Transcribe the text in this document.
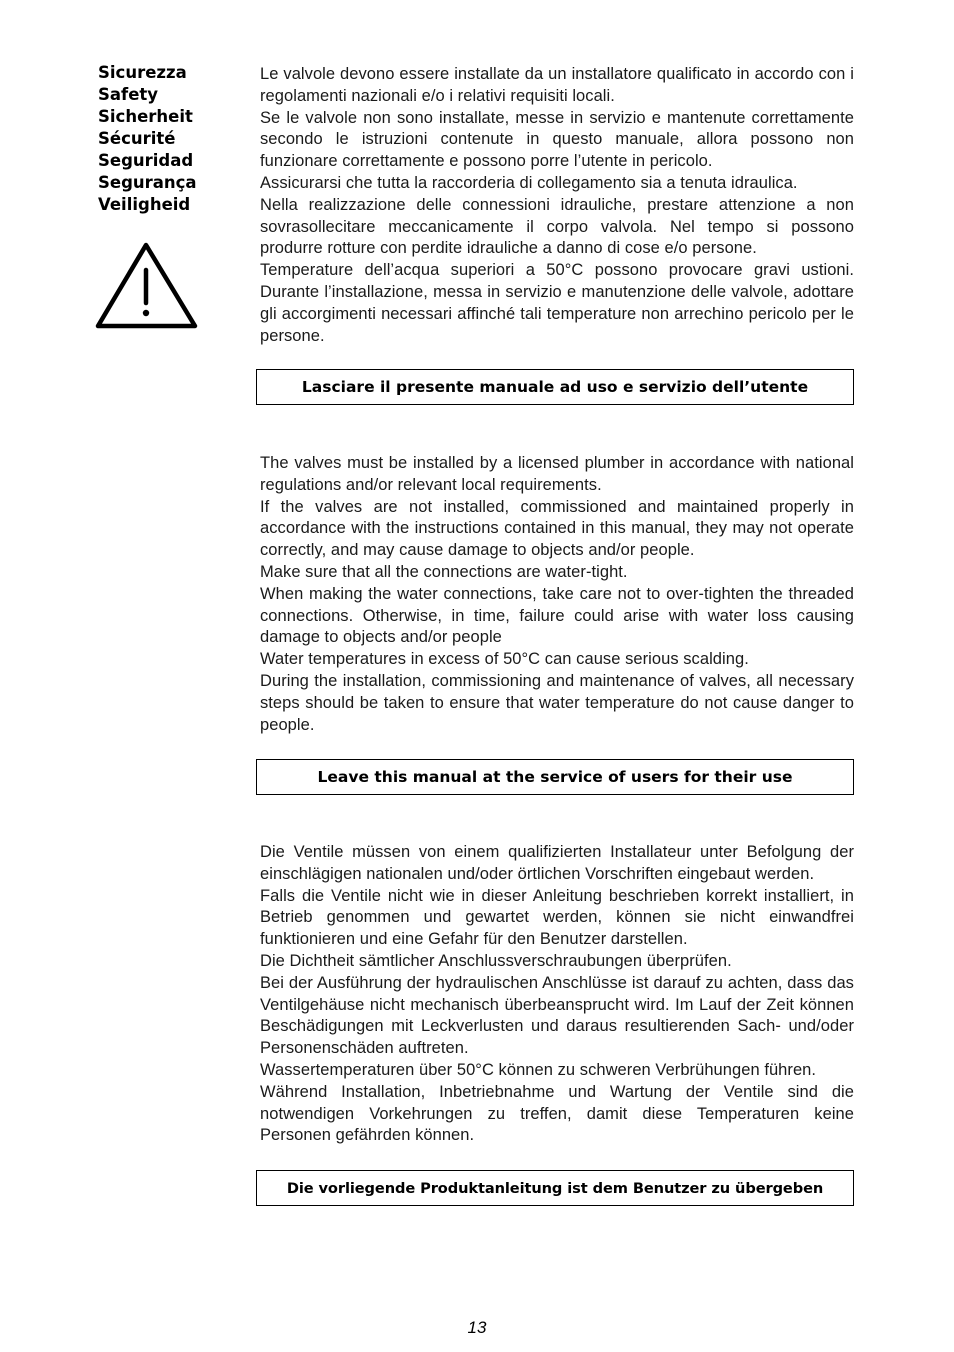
Sicurezza
Safety
Sicherheit
Sécurité
Seguridad
Segurança
Veiligheid

Le valvole devono essere installate da un installatore qualificato in accordo con i regolamenti nazionali e/o i relativi requisiti locali.

Se le valvole non sono installate, messe in servizio e mantenute correttamente secondo le istruzioni contenute in questo manuale, allora possono non funzionare correttamente e possono porre l’utente in pericolo.

Assicurarsi che tutta la raccorderia di collegamento sia a tenuta idraulica.

Nella realizzazione delle connessioni idrauliche, prestare attenzione a non sovrasollecitare meccanicamente il corpo valvola. Nel tempo si possono produrre rotture con perdite idrauliche a danno di cose e/o persone.

Temperature dell’acqua superiori a 50°C possono provocare gravi ustioni. Durante l’installazione, messa in servizio e manutenzione delle valvole, adottare gli accorgimenti necessari affinché tali temperature non arrechino pericolo per le persone.

Lasciare il presente manuale ad uso e servizio dell’utente

The valves must be installed by a licensed plumber in accordance with national regulations and/or relevant local requirements.

If the valves are not installed, commissioned and maintained properly in accordance with the instructions contained in this manual, they may not operate correctly, and may cause damage to objects and/or people.

Make sure that all the connections are water-tight.

When making the water connections, take care not to over-tighten the threaded connections. Otherwise, in time, failure could arise with water loss causing damage to objects and/or people

Water temperatures in excess of 50°C can cause serious scalding.

During the installation, commissioning and maintenance of valves, all necessary steps should be taken to ensure that water temperature do not cause danger to people.

Leave this manual at the service of users for their use

Die Ventile müssen von einem qualifizierten Installateur unter Befolgung der einschlägigen nationalen und/oder örtlichen Vorschriften eingebaut werden.

Falls die Ventile nicht wie in dieser Anleitung beschrieben korrekt installiert, in Betrieb genommen und gewartet werden, können sie nicht einwandfrei funktionieren und eine Gefahr für den Benutzer darstellen.

Die Dichtheit sämtlicher Anschlussverschraubungen überprüfen.

Bei der Ausführung der hydraulischen Anschlüsse ist darauf zu achten, dass das Ventilgehäuse nicht mechanisch überbeansprucht wird. Im Lauf der Zeit können Beschädigungen mit Leckverlusten und daraus resultierenden Sach- und/oder Personenschäden auftreten.

Wassertemperaturen über 50°C können zu schweren Verbrühungen führen.

Während Installation, Inbetriebnahme und Wartung der Ventile sind die notwendigen Vorkehrungen zu treffen, damit diese Temperaturen keine Personen gefährden können.

Die vorliegende Produktanleitung ist dem Benutzer zu übergeben
13
